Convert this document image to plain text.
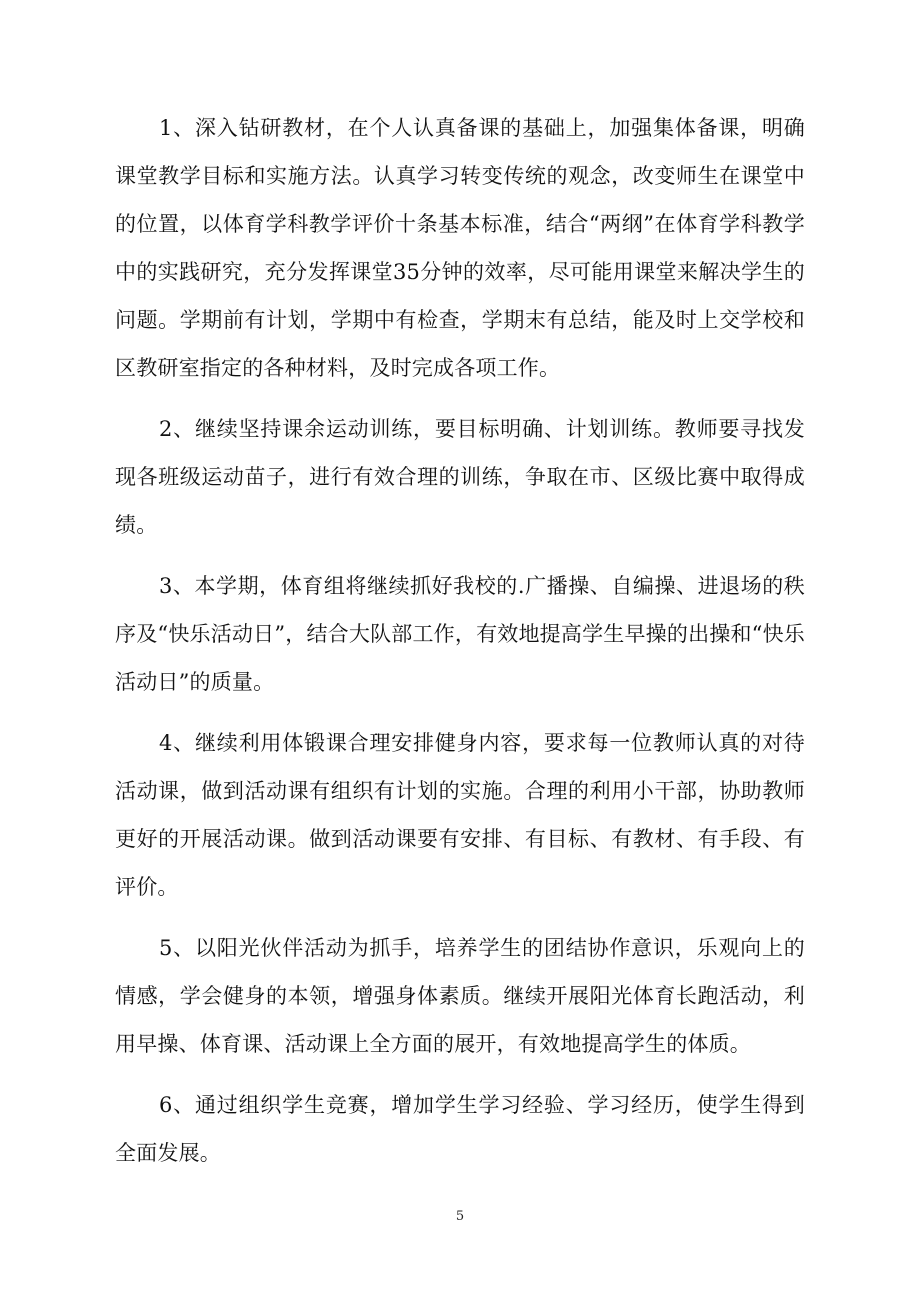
1、深入钻研教材，在个人认真备课的基础上，加强集体备课，明确课堂教学目标和实施方法。认真学习转变传统的观念，改变师生在课堂中的位置，以体育学科教学评价十条基本标准，结合“两纲”在体育学科教学中的实践研究，充分发挥课堂35分钟的效率，尽可能用课堂来解决学生的问题。学期前有计划，学期中有检查，学期末有总结，能及时上交学校和区教研室指定的各种材料，及时完成各项工作。

2、继续坚持课余运动训练，要目标明确、计划训练。教师要寻找发现各班级运动苗子，进行有效合理的训练，争取在市、区级比赛中取得成绩。

3、本学期，体育组将继续抓好我校的.广播操、自编操、进退场的秩序及“快乐活动日”，结合大队部工作，有效地提高学生早操的出操和“快乐活动日”的质量。

4、继续利用体锻课合理安排健身内容，要求每一位教师认真的对待活动课，做到活动课有组织有计划的实施。合理的利用小干部，协助教师更好的开展活动课。做到活动课要有安排、有目标、有教材、有手段、有评价。

5、以阳光伙伴活动为抓手，培养学生的团结协作意识，乐观向上的情感，学会健身的本领，增强身体素质。继续开展阳光体育长跑活动，利用早操、体育课、活动课上全方面的展开，有效地提高学生的体质。

6、通过组织学生竞赛，增加学生学习经验、学习经历，使学生得到全面发展。

5
